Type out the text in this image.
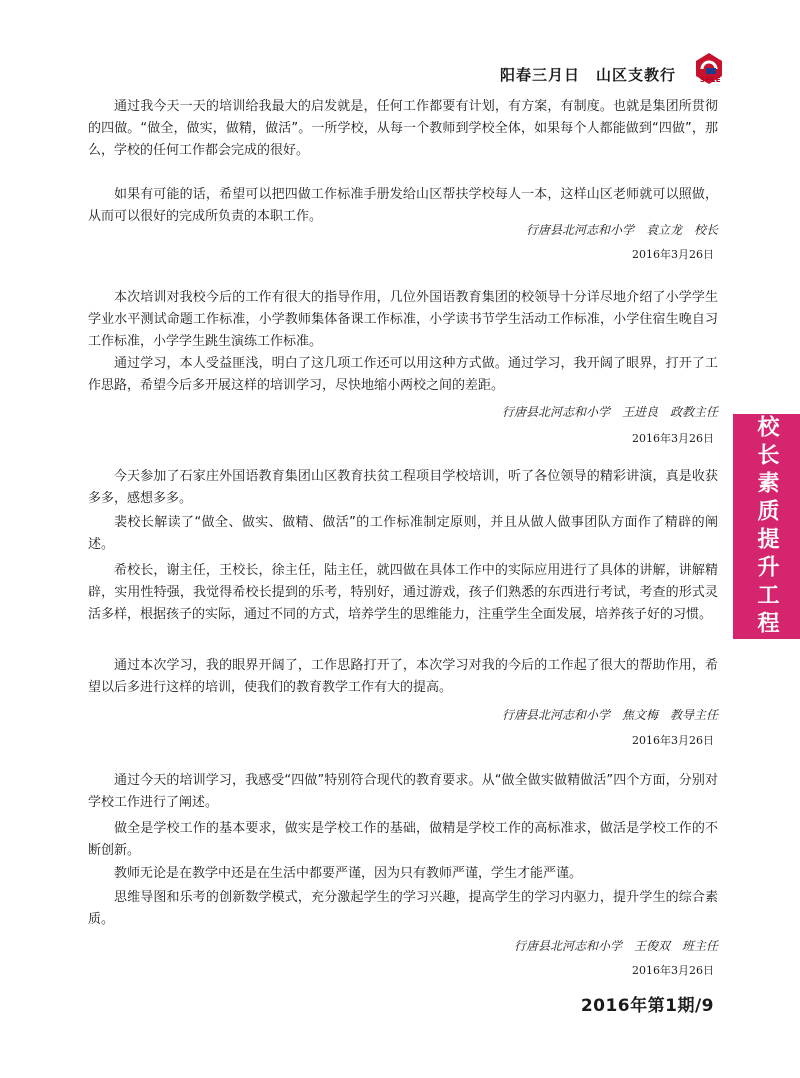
阳春三月日　山区支教行	SFLE

通过我今天一天的培训给我最大的启发就是，任何工作都要有计划，有方案，有制度。也就是集团所贯彻的四做。“做全，做实，做精，做活”。一所学校，从每一个教师到学校全体，如果每个人都能做到“四做”，那么，学校的任何工作都会完成的很好。

如果有可能的话，希望可以把四做工作标准手册发给山区帮扶学校每人一本，这样山区老师就可以照做，从而可以很好的完成所负责的本职工作。

行唐县北河志和小学　袁立龙　校长
2016年3月26日

本次培训对我校今后的工作有很大的指导作用，几位外国语教育集团的校领导十分详尽地介绍了小学学生学业水平测试命题工作标准，小学教师集体备课工作标准，小学读书节学生活动工作标准，小学住宿生晚自习工作标准，小学学生跳生演练工作标准。

通过学习，本人受益匪浅，明白了这几项工作还可以用这种方式做。通过学习，我开阔了眼界，打开了工作思路，希望今后多开展这样的培训学习，尽快地缩小两校之间的差距。

行唐县北河志和小学　王进良　政教主任
2016年3月26日

今天参加了石家庄外国语教育集团山区教育扶贫工程项目学校培训，听了各位领导的精彩讲演，真是收获多多，感想多多。

裴校长解读了“做全、做实、做精、做活”的工作标准制定原则，并且从做人做事团队方面作了精辟的阐述。

希校长，谢主任，王校长，徐主任，陆主任，就四做在具体工作中的实际应用进行了具体的讲解，讲解精辟，实用性特强，我觉得希校长提到的乐考，特别好，通过游戏，孩子们熟悉的东西进行考试，考查的形式灵活多样，根据孩子的实际，通过不同的方式，培养学生的思维能力，注重学生全面发展，培养孩子好的习惯。

通过本次学习，我的眼界开阔了，工作思路打开了，本次学习对我的今后的工作起了很大的帮助作用，希望以后多进行这样的培训，使我们的教育教学工作有大的提高。

行唐县北河志和小学　焦文梅　教导主任
2016年3月26日

通过今天的培训学习，我感受“四做”特别符合现代的教育要求。从“做全做实做精做活”四个方面，分别对学校工作进行了阐述。

做全是学校工作的基本要求，做实是学校工作的基础，做精是学校工作的高标准求，做活是学校工作的不断创新。

教师无论是在教学中还是在生活中都要严谨，因为只有教师严谨，学生才能严谨。

思维导图和乐考的创新数学模式，充分激起学生的学习兴趣，提高学生的学习内驱力，提升学生的综合素质。

行唐县北河志和小学　王俊双　班主任
2016年3月26日
校长素质提升工程
2016年第1期/9
